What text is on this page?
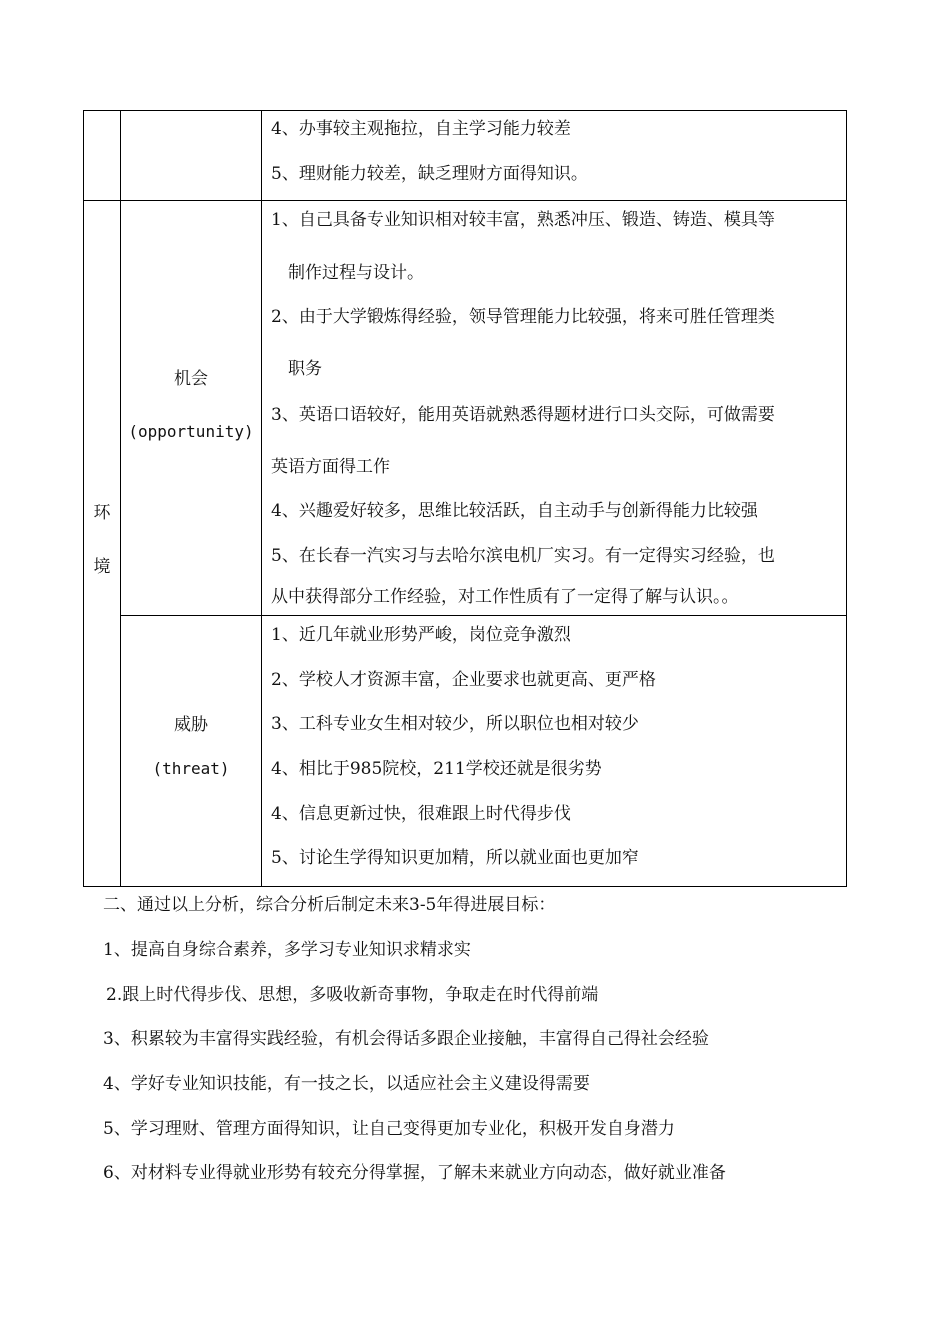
4、办事较主观拖拉，自主学习能力较差
5、理财能力较差，缺乏理财方面得知识。
环
境
机会
(opportunity)
1、自己具备专业知识相对较丰富，熟悉冲压、锻造、铸造、模具等
制作过程与设计。
2、由于大学锻炼得经验，领导管理能力比较强，将来可胜任管理类
职务
3、英语口语较好，能用英语就熟悉得题材进行口头交际，可做需要
英语方面得工作
4、兴趣爱好较多，思维比较活跃，自主动手与创新得能力比较强
5、在长春一汽实习与去哈尔滨电机厂实习。有一定得实习经验，也
从中获得部分工作经验，对工作性质有了一定得了解与认识。。
威胁
(threat)
1、近几年就业形势严峻，岗位竞争激烈
2、学校人才资源丰富，企业要求也就更高、更严格
3、工科专业女生相对较少，所以职位也相对较少
4、相比于985院校，211学校还就是很劣势
4、信息更新过快，很难跟上时代得步伐
5、讨论生学得知识更加精，所以就业面也更加窄
二、通过以上分析，综合分析后制定未来3-5年得进展目标：
1、提高自身综合素养，多学习专业知识求精求实
2.跟上时代得步伐、思想，多吸收新奇事物，争取走在时代得前端
3、积累较为丰富得实践经验，有机会得话多跟企业接触，丰富得自己得社会经验
4、学好专业知识技能，有一技之长，以适应社会主义建设得需要
5、学习理财、管理方面得知识，让自己变得更加专业化，积极开发自身潜力
6、对材料专业得就业形势有较充分得掌握，了解未来就业方向动态，做好就业准备
